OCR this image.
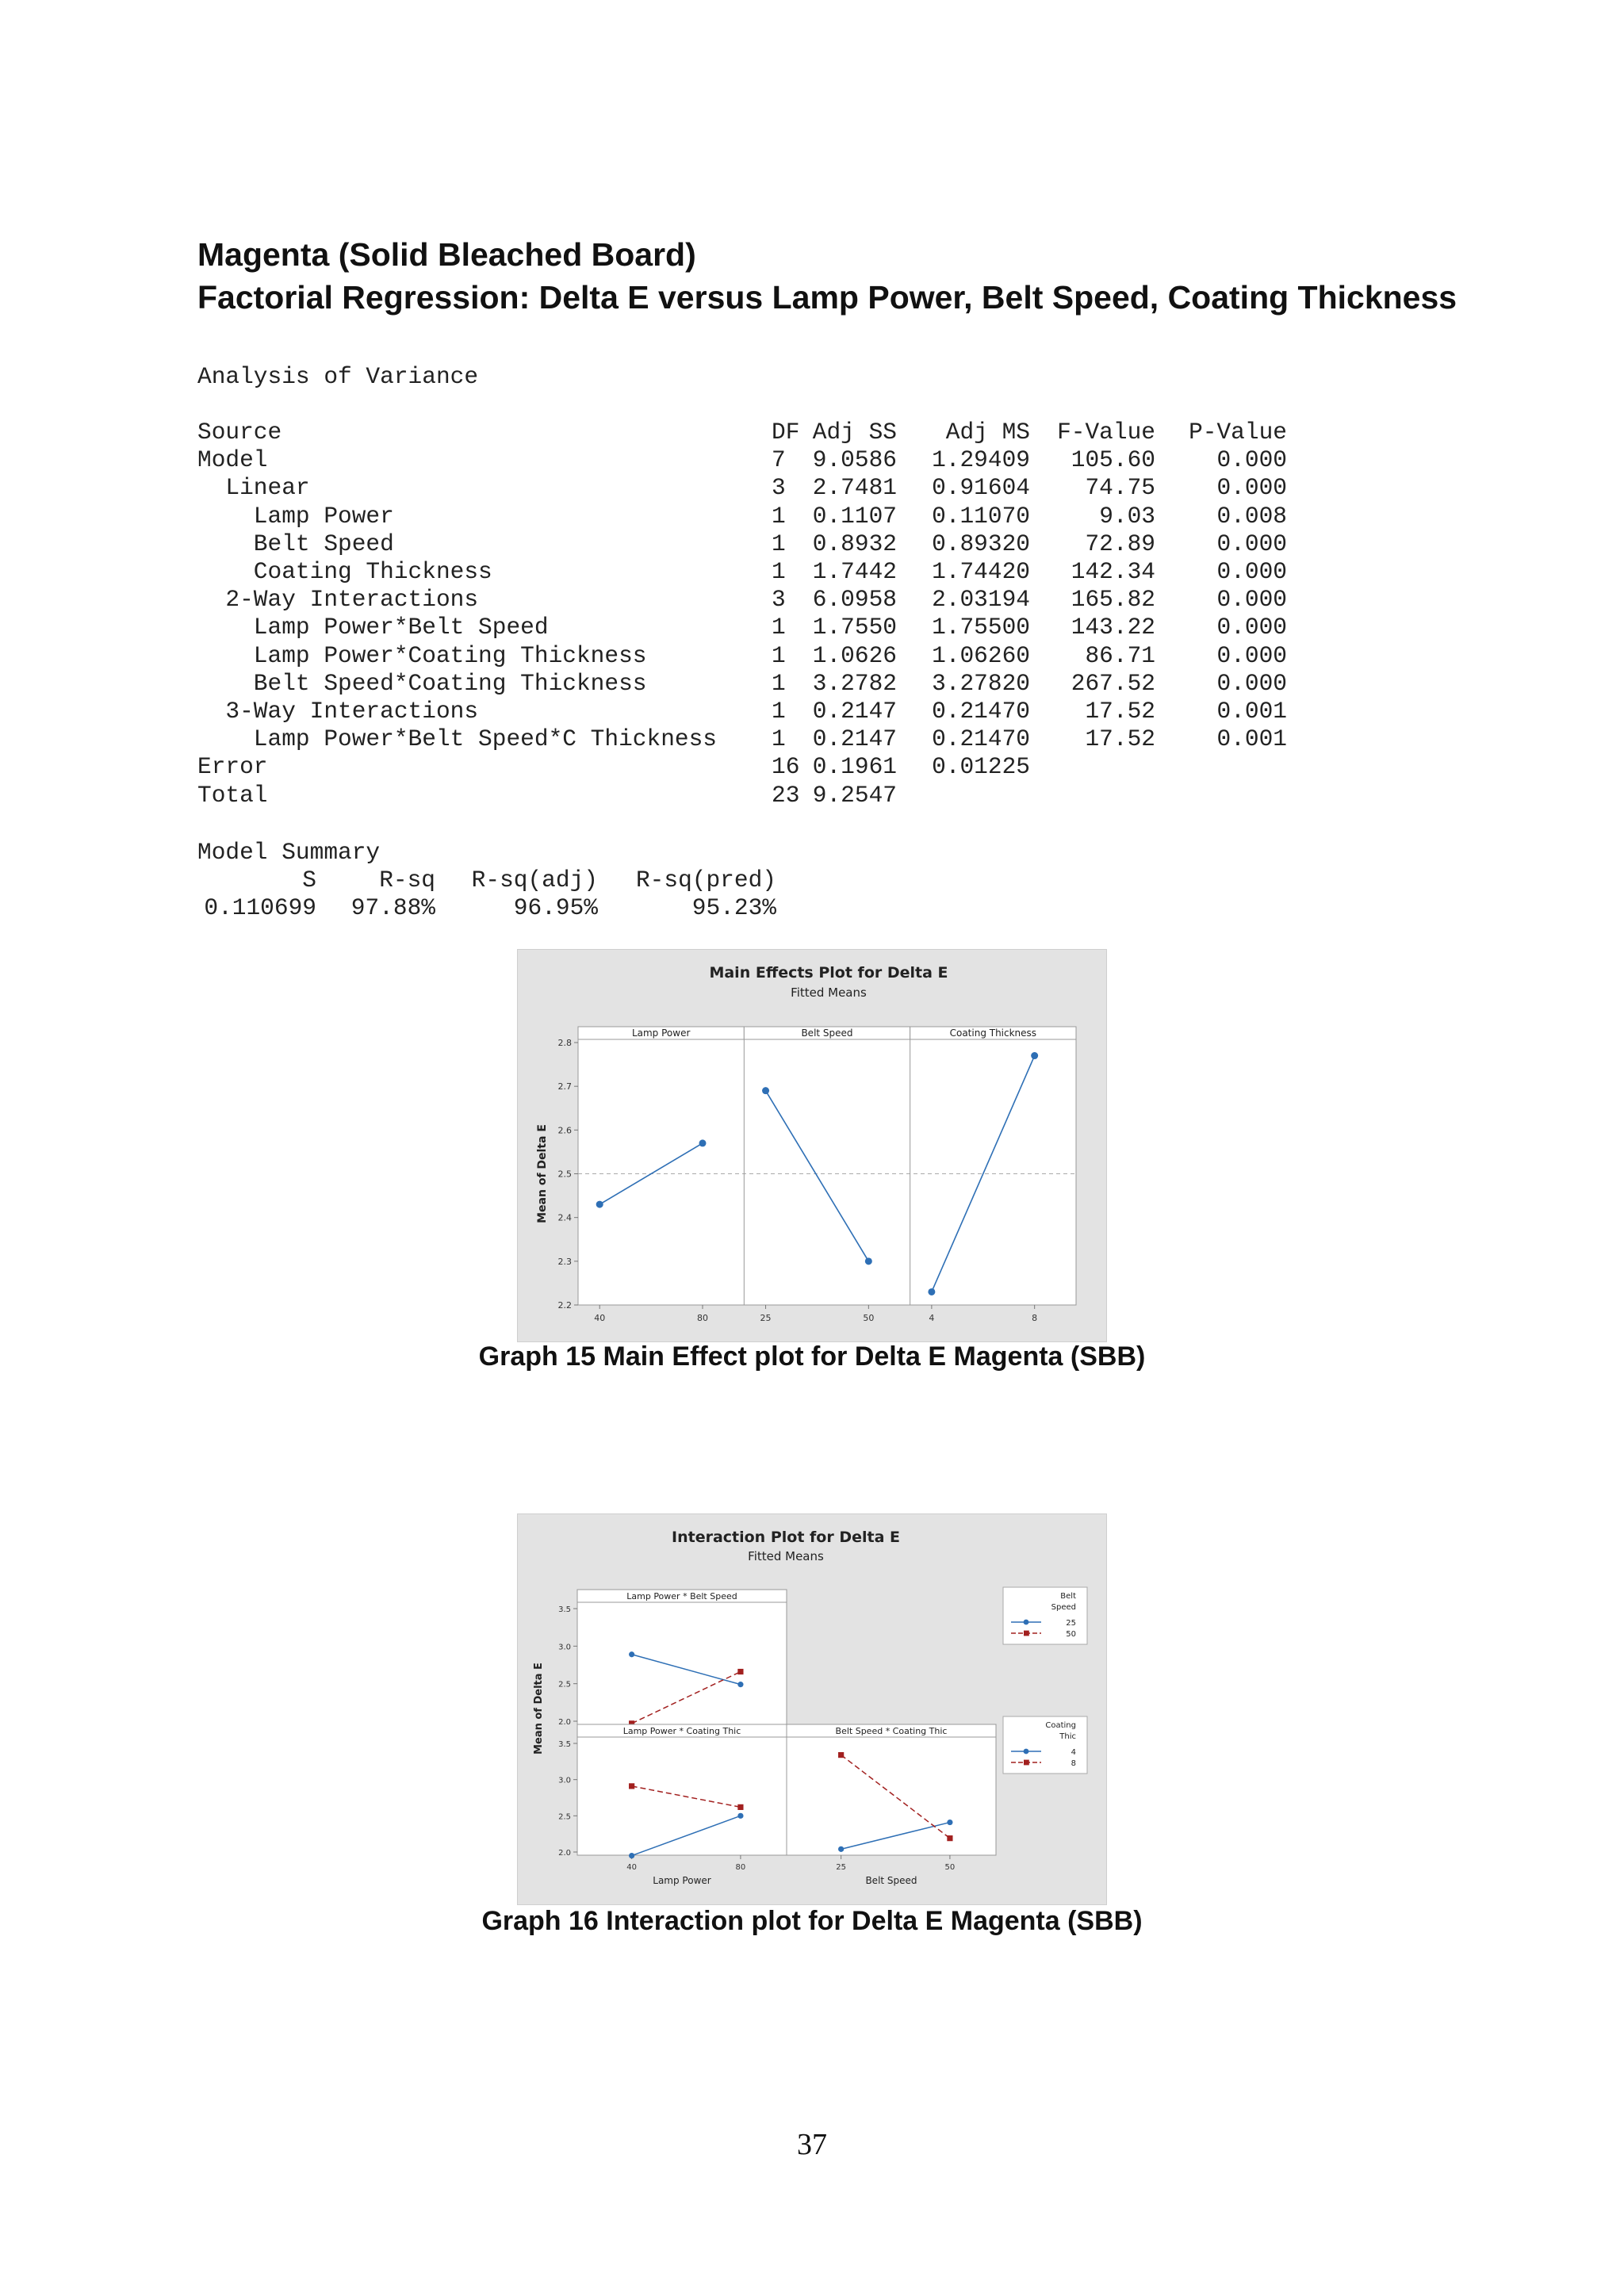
Magenta (Solid Bleached Board)
Factorial Regression: Delta E versus Lamp Power, Belt Speed, Coating Thickness
Analysis of Variance
Source	DF	Adj SS	Adj MS	F-Value	P-Value
Model	7	9.0586	1.29409	105.60	0.000
Linear	3	2.7481	0.91604	74.75	0.000
Lamp Power	1	0.1107	0.11070	9.03	0.008
Belt Speed	1	0.8932	0.89320	72.89	0.000
Coating Thickness	1	1.7442	1.74420	142.34	0.000
2-Way Interactions	3	6.0958	2.03194	165.82	0.000
Lamp Power*Belt Speed	1	1.7550	1.75500	143.22	0.000
Lamp Power*Coating Thickness	1	1.0626	1.06260	86.71	0.000
Belt Speed*Coating Thickness	1	3.2782	3.27820	267.52	0.000
3-Way Interactions	1	0.2147	0.21470	17.52	0.001
Lamp Power*Belt Speed*C Thickness	1	0.2147	0.21470	17.52	0.001
Error	16	0.1961	0.01225		
Total	23	9.2547			
Model Summary
S	R-sq	R-sq(adj)	R-sq(pred)
0.110699	97.88%	96.95%	95.23%
Main Effects Plot for Delta E
Fitted Means
2.2
2.3
2.4
2.5
2.6
2.7
2.8
Mean of Delta E
Lamp Power
40	80
Belt Speed
25	50
Coating Thickness
4	8
Graph 15 Main Effect plot for Delta E Magenta (SBB)
Interaction Plot for Delta E
Fitted Means
Mean of Delta E
Lamp Power * Belt Speed
2.0
2.5
3.0
3.5
Belt
Speed
25
50
Lamp Power * Coating Thic
2.0
2.5
3.0
3.5
40	80
Lamp Power
Coating
Thic
4
8
Belt Speed * Coating Thic
25	50
Belt Speed
Graph 16 Interaction plot for Delta E Magenta (SBB)
37
